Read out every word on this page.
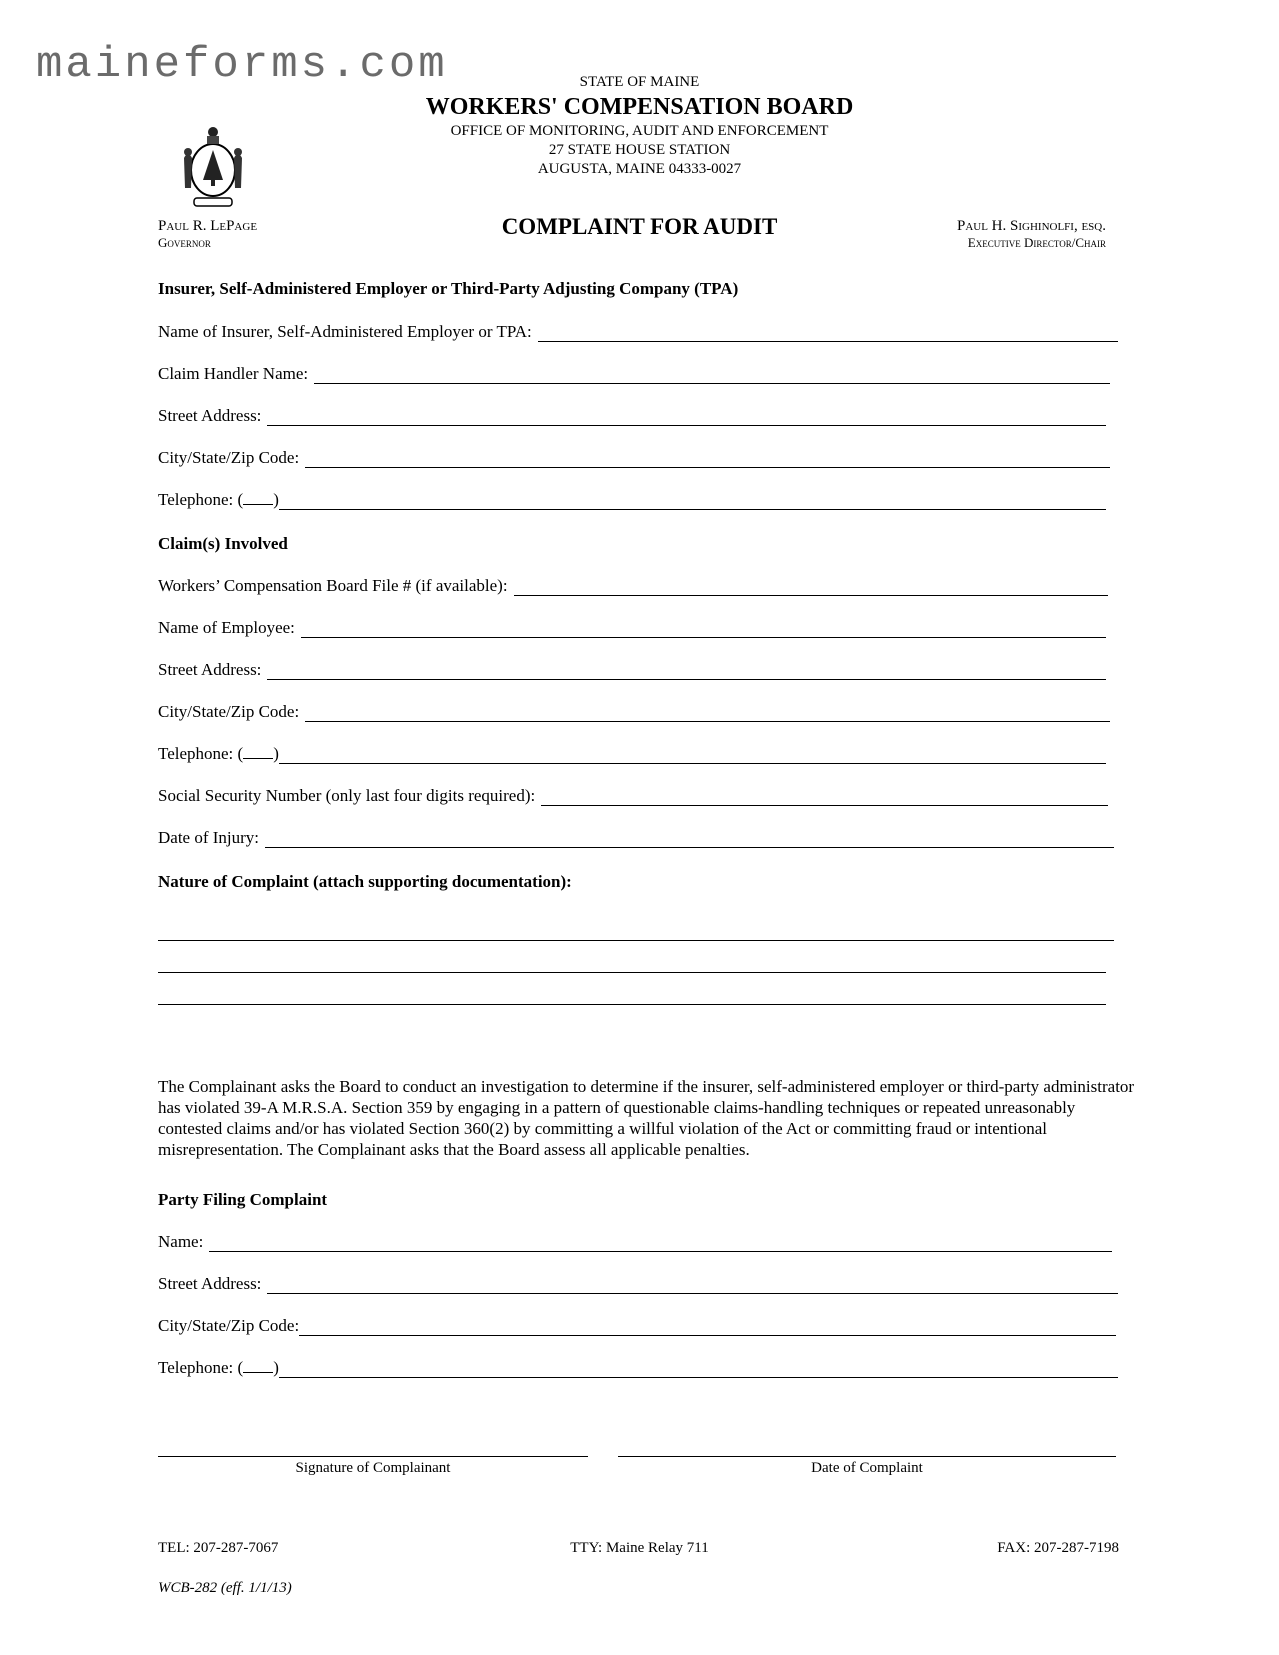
maineforms.com	STATE OF MAINE
WORKERS' COMPENSATION BOARD
OFFICE OF MONITORING, AUDIT AND ENFORCEMENT
27 STATE HOUSE STATION
AUGUSTA, MAINE 04333-0027
Paul R. LePage
Governor
Paul H. Sighinolfi, esq.
Executive Director/Chair
COMPLAINT FOR AUDIT
Insurer, Self-Administered Employer or Third-Party Adjusting Company (TPA)
Name of Insurer, Self-Administered Employer or TPA:
Claim Handler Name:
Street Address:
City/State/Zip Code:
Telephone: ( )
Claim(s) Involved
Workers’ Compensation Board File # (if available):
Name of Employee:
Street Address:
City/State/Zip Code:
Telephone: ( )
Social Security Number (only last four digits required):
Date of Injury:
Nature of Complaint (attach supporting documentation):
The Complainant asks the Board to conduct an investigation to determine if the insurer, self-administered employer or third-party administrator has violated 39-A M.R.S.A. Section 359 by engaging in a pattern of questionable claims-handling techniques or repeated unreasonably contested claims and/or has violated Section 360(2) by committing a willful violation of the Act or committing fraud or intentional misrepresentation. The Complainant asks that the Board assess all applicable penalties.
Party Filing Complaint
Name:
Street Address:
City/State/Zip Code:
Telephone: ( )
Signature of Complainant	Date of Complaint
TEL: 207-287-7067	TTY: Maine Relay 711	FAX: 207-287-7198
WCB-282 (eff. 1/1/13)
